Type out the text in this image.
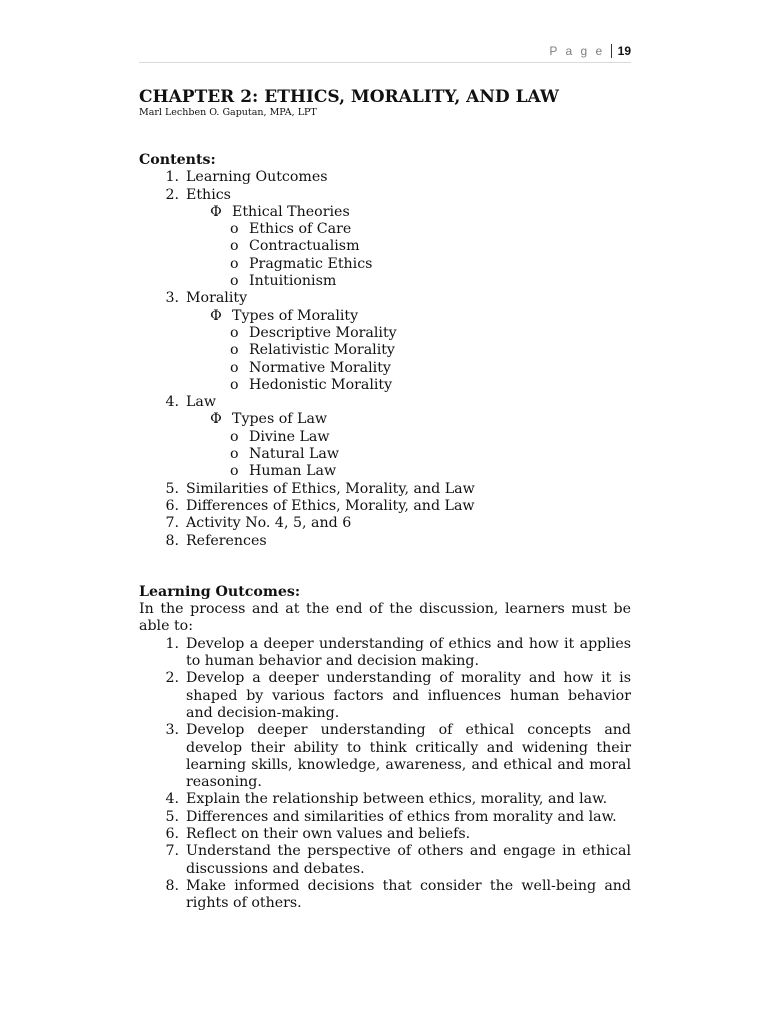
P a g e 19
CHAPTER 2: ETHICS, MORALITY, AND LAW
Marl Lechben O. Gaputan, MPA, LPT
Contents:
1. Learning Outcomes
2. Ethics
Φ Ethical Theories
o Ethics of Care
o Contractualism
o Pragmatic Ethics
o Intuitionism
3. Morality
Φ Types of Morality
o Descriptive Morality
o Relativistic Morality
o Normative Morality
o Hedonistic Morality
4. Law
Φ Types of Law
o Divine Law
o Natural Law
o Human Law
5. Similarities of Ethics, Morality, and Law
6. Differences of Ethics, Morality, and Law
7. Activity No. 4, 5, and 6
8. References
Learning Outcomes:
In the process and at the end of the discussion, learners must be able to:
1. Develop a deeper understanding of ethics and how it applies to human behavior and decision making.
2. Develop a deeper understanding of morality and how it is shaped by various factors and influences human behavior and decision-making.
3. Develop deeper understanding of ethical concepts and develop their ability to think critically and widening their learning skills, knowledge, awareness, and ethical and moral reasoning.
4. Explain the relationship between ethics, morality, and law.
5. Differences and similarities of ethics from morality and law.
6. Reflect on their own values and beliefs.
7. Understand the perspective of others and engage in ethical discussions and debates.
8. Make informed decisions that consider the well-being and rights of others.
